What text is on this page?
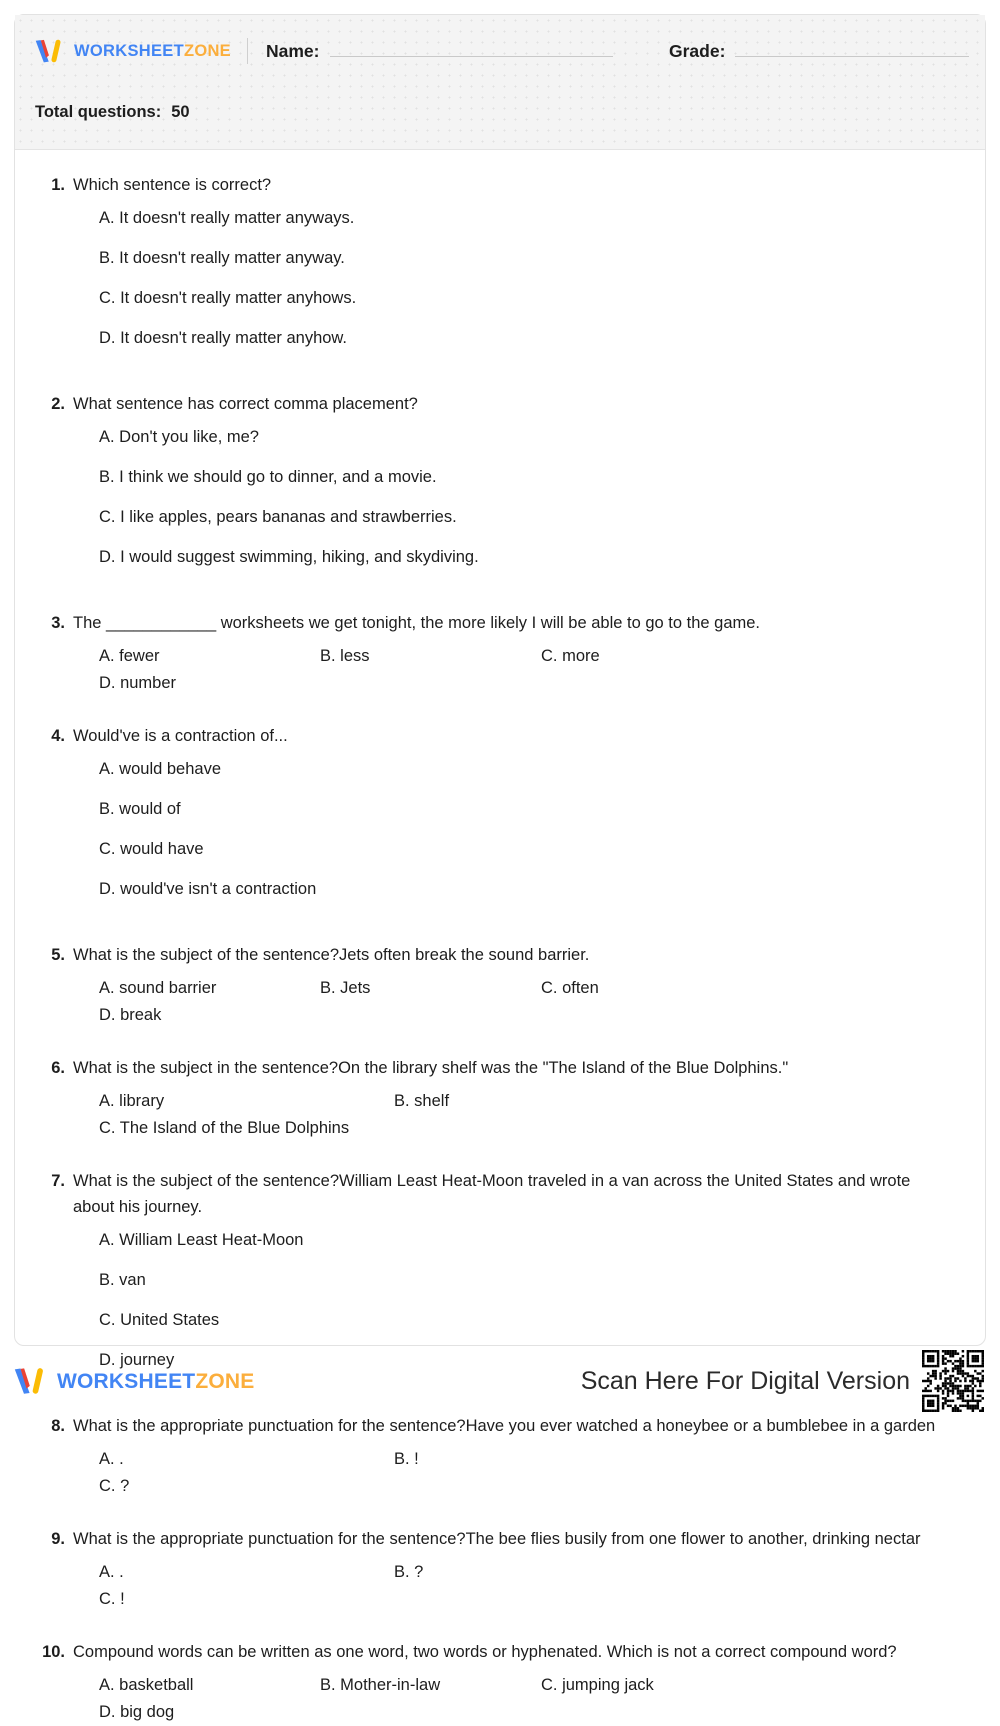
WORKSHEETZONE Name:	Grade:
Total questions: 50
1. Which sentence is correct?
A. It doesn't really matter anyways.
B. It doesn't really matter anyway.
C. It doesn't really matter anyhows.
D. It doesn't really matter anyhow.
2. What sentence has correct comma placement?
A. Don't you like, me?
B. I think we should go to dinner, and a movie.
C. I like apples, pears bananas and strawberries.
D. I would suggest swimming, hiking, and skydiving.
3. The ____________ worksheets we get tonight, the more likely I will be able to go to the game.
A. fewer	B. less	C. more
D. number
4. Would've is a contraction of...
A. would behave
B. would of
C. would have
D. would've isn't a contraction
5. What is the subject of the sentence?Jets often break the sound barrier.
A. sound barrier	B. Jets	C. often
D. break
6. What is the subject in the sentence?On the library shelf was the "The Island of the Blue Dolphins."
A. library	B. shelf
C. The Island of the Blue Dolphins
7. What is the subject of the sentence?William Least Heat-Moon traveled in a van across the United States and wrote about his journey.
A. William Least Heat-Moon
B. van
C. United States
D. journey
8. What is the appropriate punctuation for the sentence?Have you ever watched a honeybee or a bumblebee in a garden
A. .	B. !
C. ?
9. What is the appropriate punctuation for the sentence?The bee flies busily from one flower to another, drinking nectar
A. .	B. ?
C. !
10. Compound words can be written as one word, two words or hyphenated. Which is not a correct compound word?
A. basketball	B. Mother-in-law	C. jumping jack
D. big dog
WORKSHEETZONE	Scan Here For Digital Version
